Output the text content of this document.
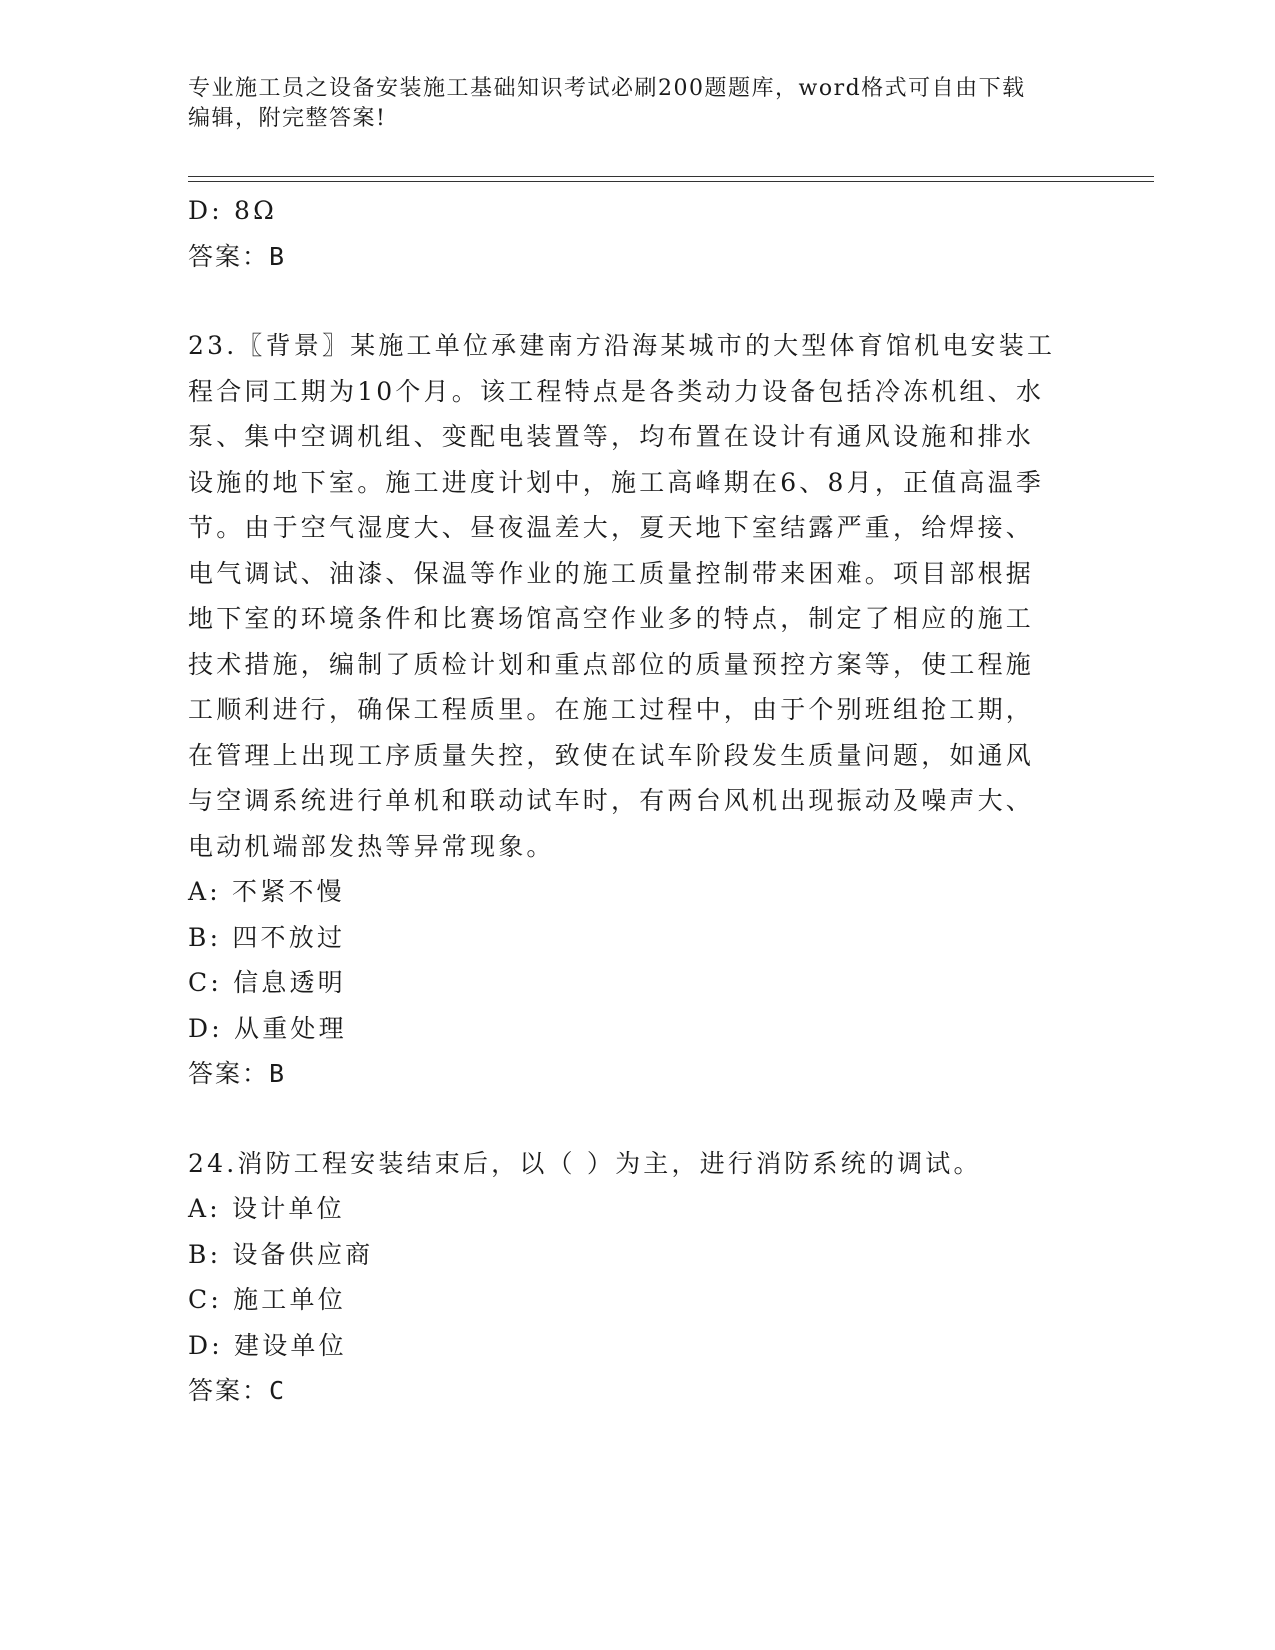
专业施工员之设备安装施工基础知识考试必刷200题题库，word格式可自由下载
编辑，附完整答案!
D: 8Ω
答案：B
23.〖背景〗某施工单位承建南方沿海某城市的大型体育馆机电安装工
程合同工期为10个月。该工程特点是各类动力设备包括冷冻机组、水
泵、集中空调机组、变配电装置等，均布置在设计有通风设施和排水
设施的地下室。施工进度计划中，施工高峰期在6、8月，正值高温季
节。由于空气湿度大、昼夜温差大，夏天地下室结露严重，给焊接、
电气调试、油漆、保温等作业的施工质量控制带来困难。项目部根据
地下室的环境条件和比赛场馆高空作业多的特点，制定了相应的施工
技术措施，编制了质检计划和重点部位的质量预控方案等，使工程施
工顺利进行，确保工程质里。在施工过程中，由于个别班组抢工期，
在管理上出现工序质量失控，致使在试车阶段发生质量问题，如通风
与空调系统进行单机和联动试车时，有两台风机出现振动及噪声大、
电动机端部发热等异常现象。
A: 不紧不慢
B: 四不放过
C: 信息透明
D: 从重处理
答案：B
24.消防工程安装结束后，以（ ）为主，进行消防系统的调试。
A: 设计单位
B: 设备供应商
C: 施工单位
D: 建设单位
答案：C
